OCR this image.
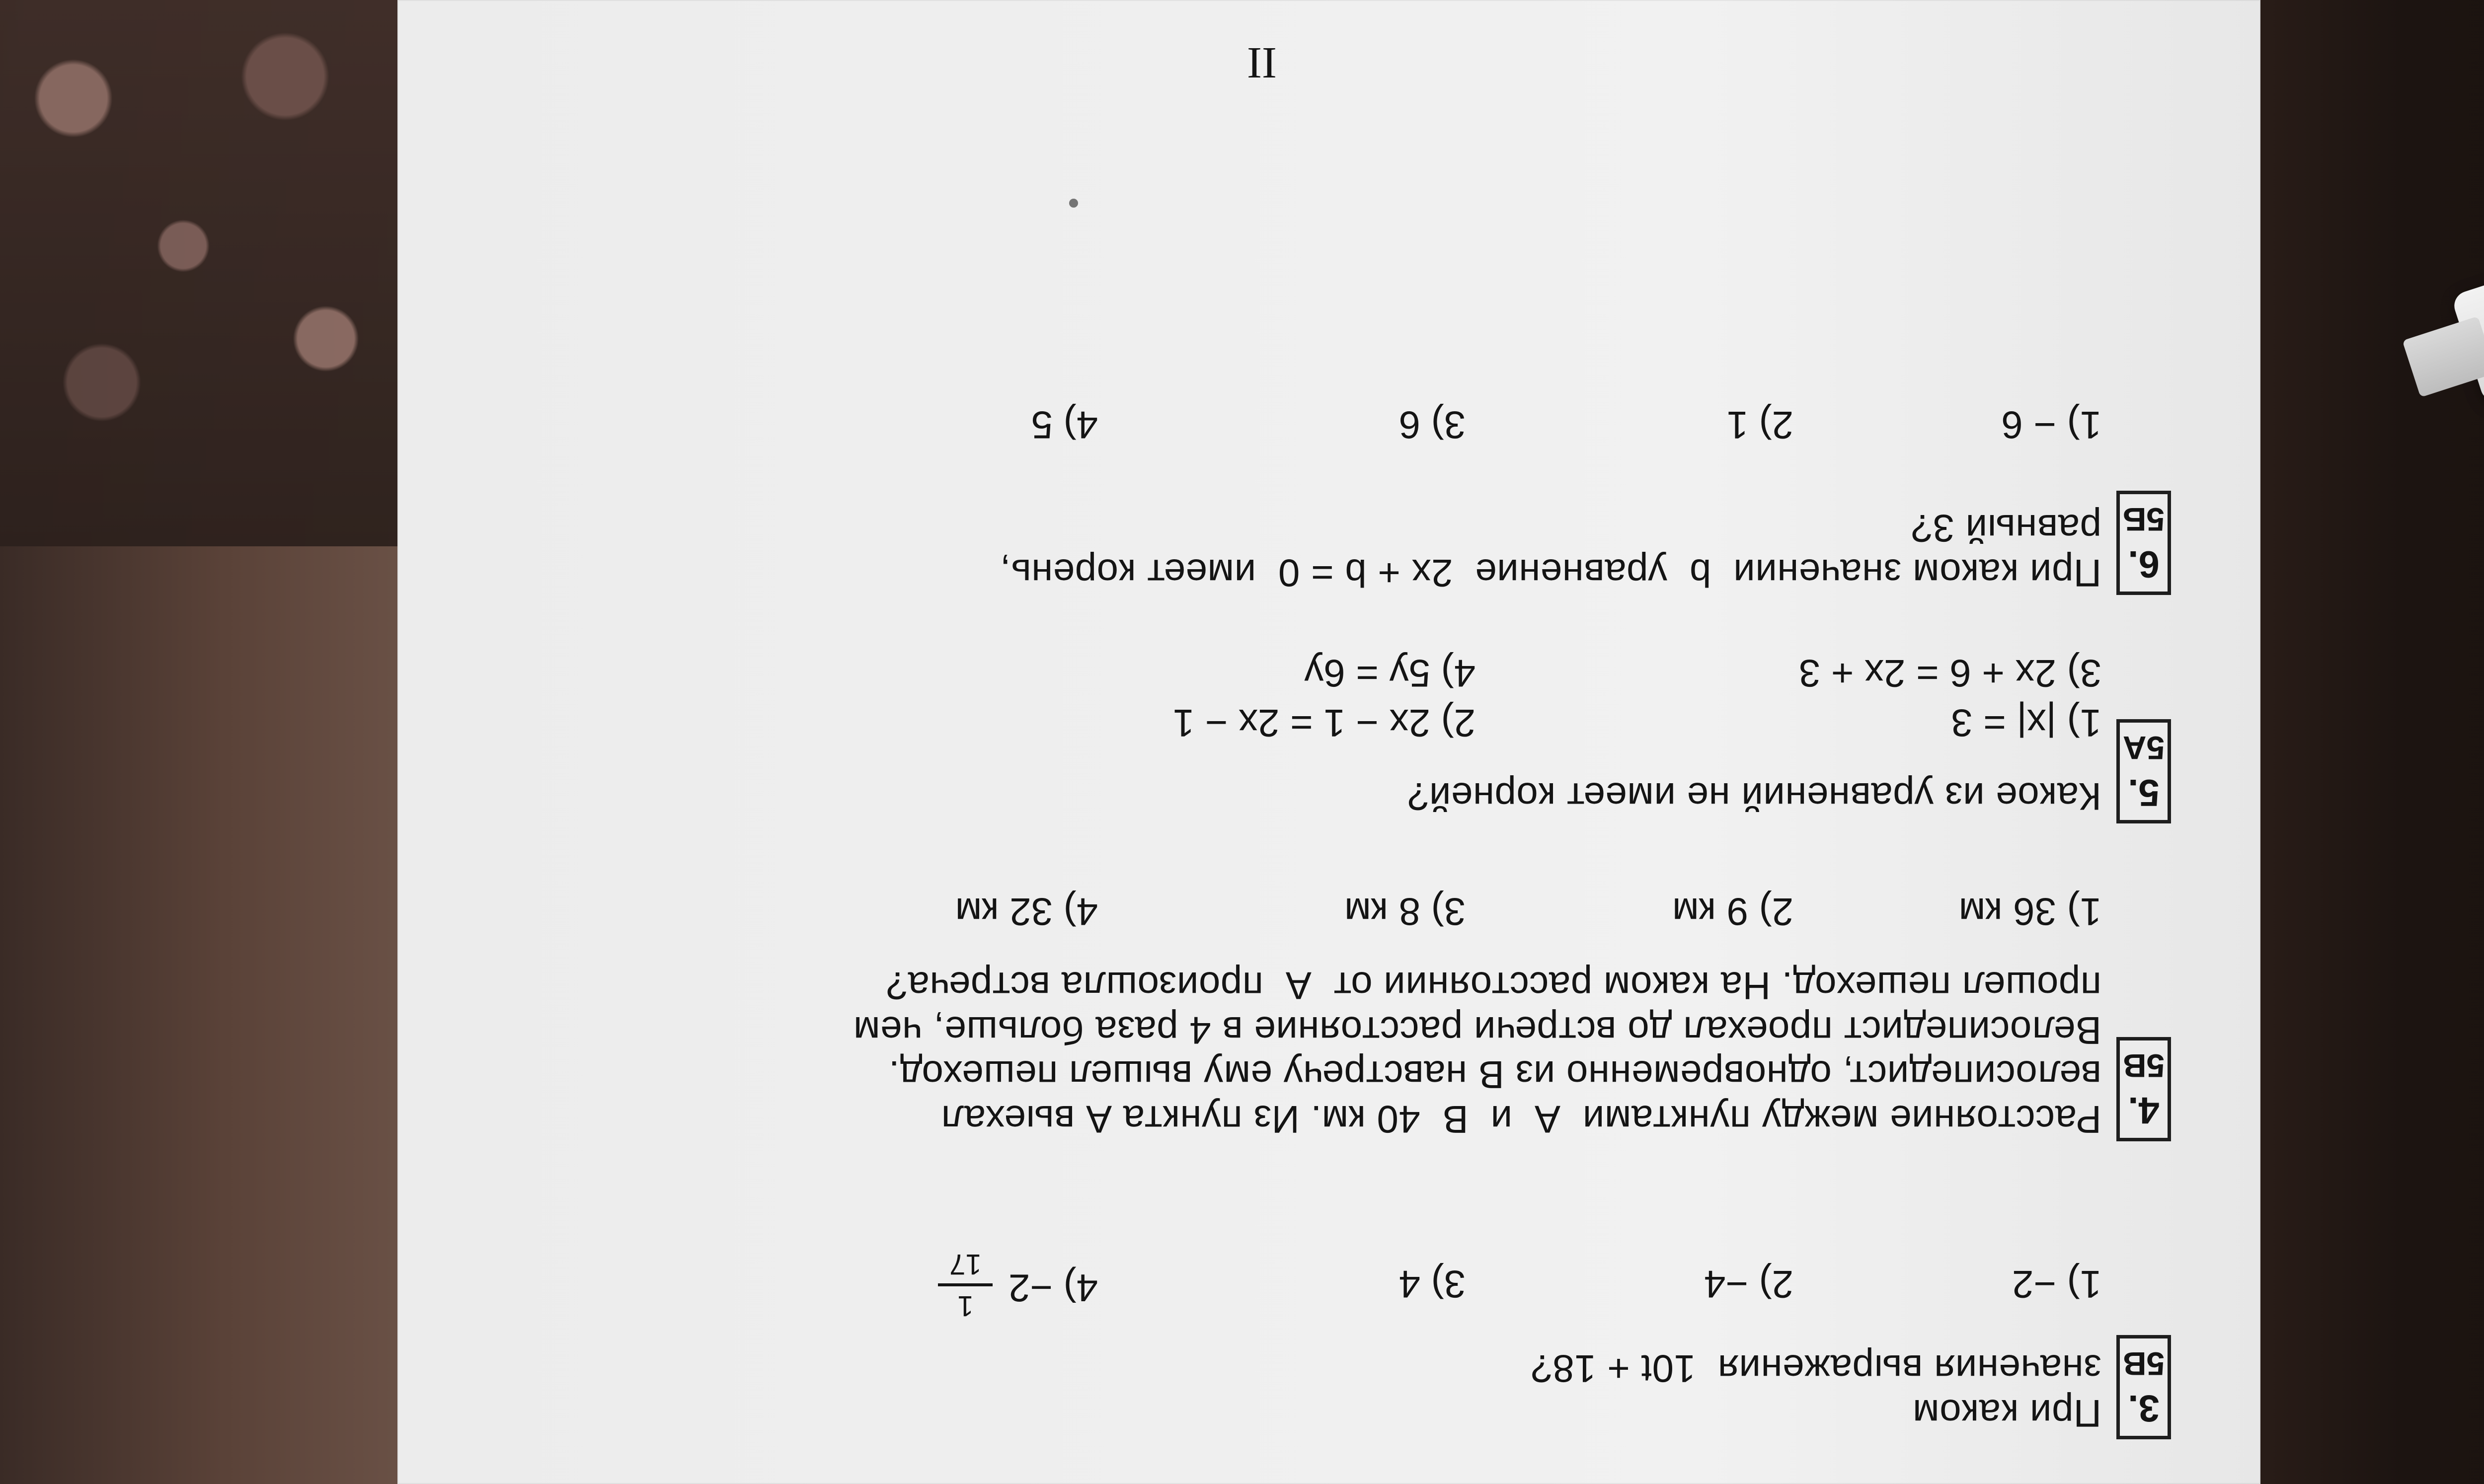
3.
5В
При каком
значения выражения  10t + 18?
1) −2
2) −4
3) 4
4) −2
1
17
4.
5В
Расстояние между пунктами  А  и  В  40 км. Из пункта А выехал
велосипедист, одновременно из В навстречу ему вышел пешеход.
Велосипедист проехал до встречи расстояние в 4 раза больше, чем
прошел пешеход. На каком расстоянии от  А  произошла встреча?
1) 36 км
2) 9 км
3) 8 км
4) 32 км
5.
5А
Какое из уравнений не имеет корней?
1) |x| = 3
2) 2x − 1 = 2x − 1
3) 2x + 6 = 2x + 3
4) 5y = 6y
6.
5Б
При каком значении  b  уравнение  2x + b = 0  имеет корень,
равный 3?
1) − 6
2) 1
3) 6
4) 5
II
